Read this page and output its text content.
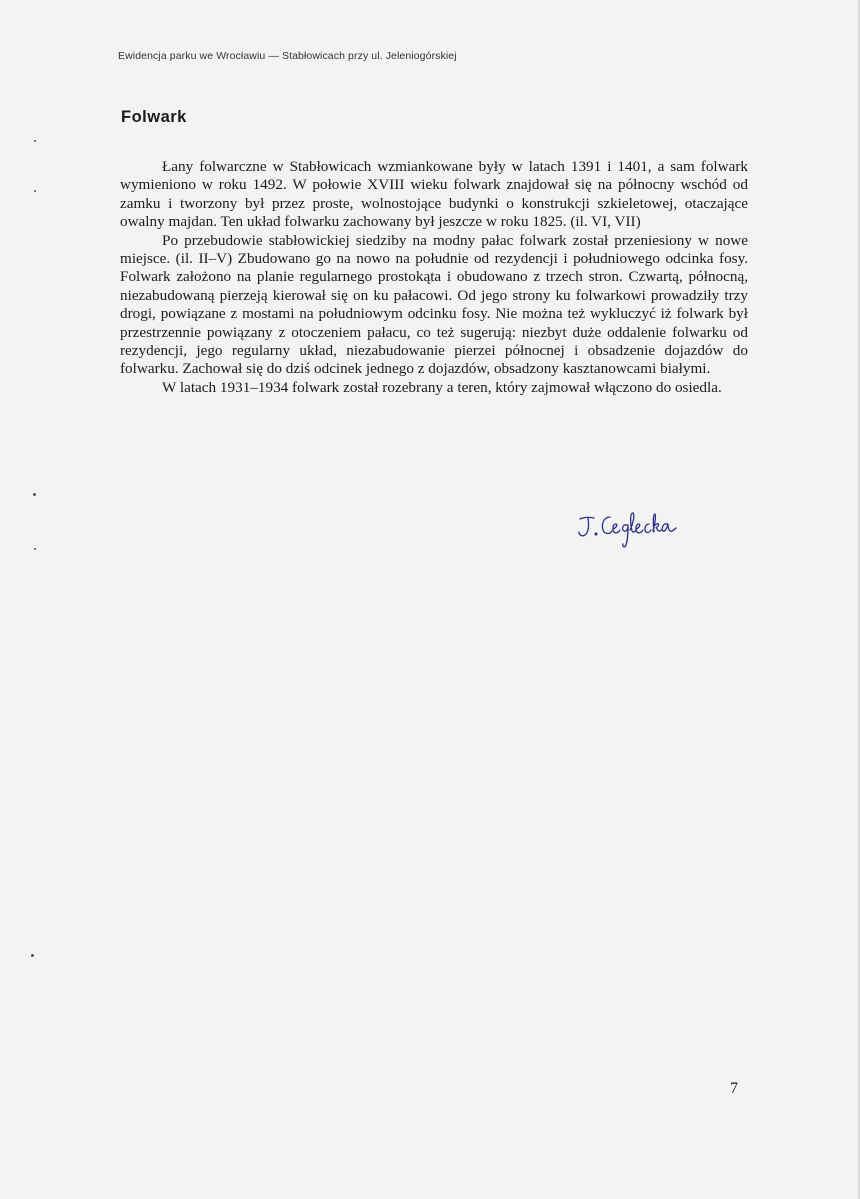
Ewidencja parku we Wrocławiu — Stabłowicach przy ul. Jeleniogórskiej
Folwark

Łany folwarczne w Stabłowicach wzmiankowane były w latach 1391 i 1401, a sam folwark wymieniono w roku 1492. W połowie XVIII wieku folwark znajdował się na północny wschód od zamku i tworzony był przez proste, wolnostojące budynki o konstrukcji szkieletowej, otaczające owalny majdan. Ten układ folwarku zachowany był jeszcze w roku 1825. (il. VI, VII)

Po przebudowie stabłowickiej siedziby na modny pałac folwark został przeniesiony w nowe miejsce. (il. II–V) Zbudowano go na nowo na południe od rezydencji i południowego odcinka fosy. Folwark założono na planie regularnego prostokąta i obudowano z trzech stron. Czwartą, północną, niezabudowaną pierzeją kierował się on ku pałacowi. Od jego strony ku folwarkowi prowadziły trzy drogi, powiązane z mostami na południowym odcinku fosy. Nie można też wykluczyć iż folwark był przestrzennie powiązany z otoczeniem pałacu, co też sugerują: niezbyt duże oddalenie folwarku od rezydencji, jego regularny układ, niezabudowanie pierzei północnej i obsadzenie dojazdów do folwarku. Zachował się do dziś odcinek jednego z dojazdów, obsadzony kasztanowcami białymi.

W latach 1931–1934 folwark został rozebrany a teren, który zajmował włączono do osiedla.

7
